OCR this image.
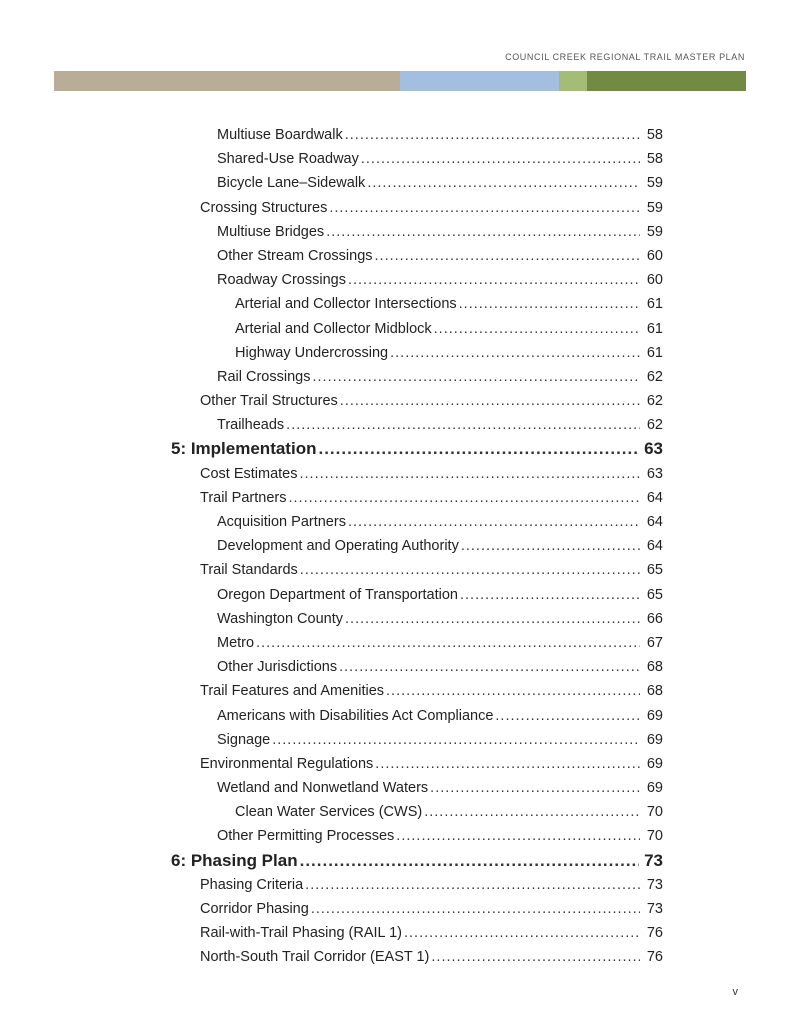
COUNCIL CREEK REGIONAL TRAIL MASTER PLAN
Multiuse Boardwalk .....	58
Shared-Use Roadway .....	58
Bicycle Lane–Sidewalk .....	59
Crossing Structures .....	59
Multiuse Bridges .....	59
Other Stream Crossings .....	60
Roadway Crossings .....	60
Arterial and Collector Intersections .....	61
Arterial and Collector Midblock .....	61
Highway Undercrossing .....	61
Rail Crossings .....	62
Other Trail Structures .....	62
Trailheads .....	62
5: Implementation .....	63
Cost Estimates .....	63
Trail Partners .....	64
Acquisition Partners .....	64
Development and Operating Authority .....	64
Trail Standards .....	65
Oregon Department of Transportation .....	65
Washington County .....	66
Metro .....	67
Other Jurisdictions .....	68
Trail Features and Amenities .....	68
Americans with Disabilities Act Compliance .....	69
Signage .....	69
Environmental Regulations .....	69
Wetland and Nonwetland Waters .....	69
Clean Water Services (CWS) .....	70
Other Permitting Processes .....	70
6: Phasing Plan .....	73
Phasing Criteria .....	73
Corridor Phasing .....	73
Rail-with-Trail Phasing (RAIL 1) .....	76
North-South Trail Corridor (EAST 1) .....	76
v
